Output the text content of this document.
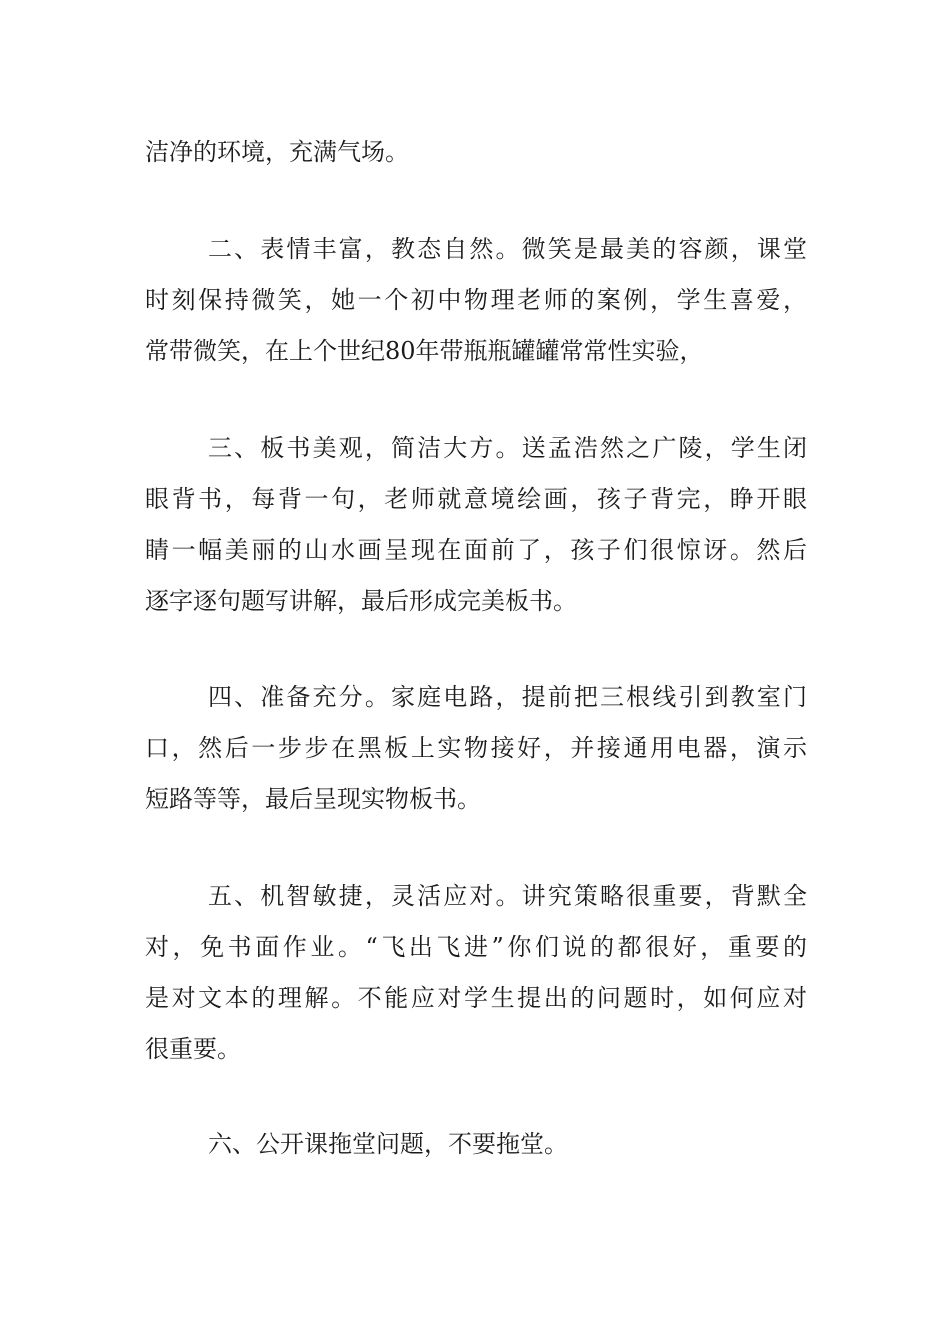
洁净的环境，充满气场。
二、表情丰富，教态自然。微笑是最美的容颜，课堂
时刻保持微笑，她一个初中物理老师的案例，学生喜爱，
常带微笑，在上个世纪80年带瓶瓶罐罐常常性实验，
三、板书美观，简洁大方。送孟浩然之广陵，学生闭
眼背书，每背一句，老师就意境绘画，孩子背完，睁开眼
睛一幅美丽的山水画呈现在面前了，孩子们很惊讶。然后
逐字逐句题写讲解，最后形成完美板书。
四、准备充分。家庭电路，提前把三根线引到教室门
口，然后一步步在黑板上实物接好，并接通用电器，演示
短路等等，最后呈现实物板书。
五、机智敏捷，灵活应对。讲究策略很重要，背默全
对，免书面作业。“飞出飞进”你们说的都很好，重要的
是对文本的理解。不能应对学生提出的问题时，如何应对
很重要。
六、公开课拖堂问题，不要拖堂。
